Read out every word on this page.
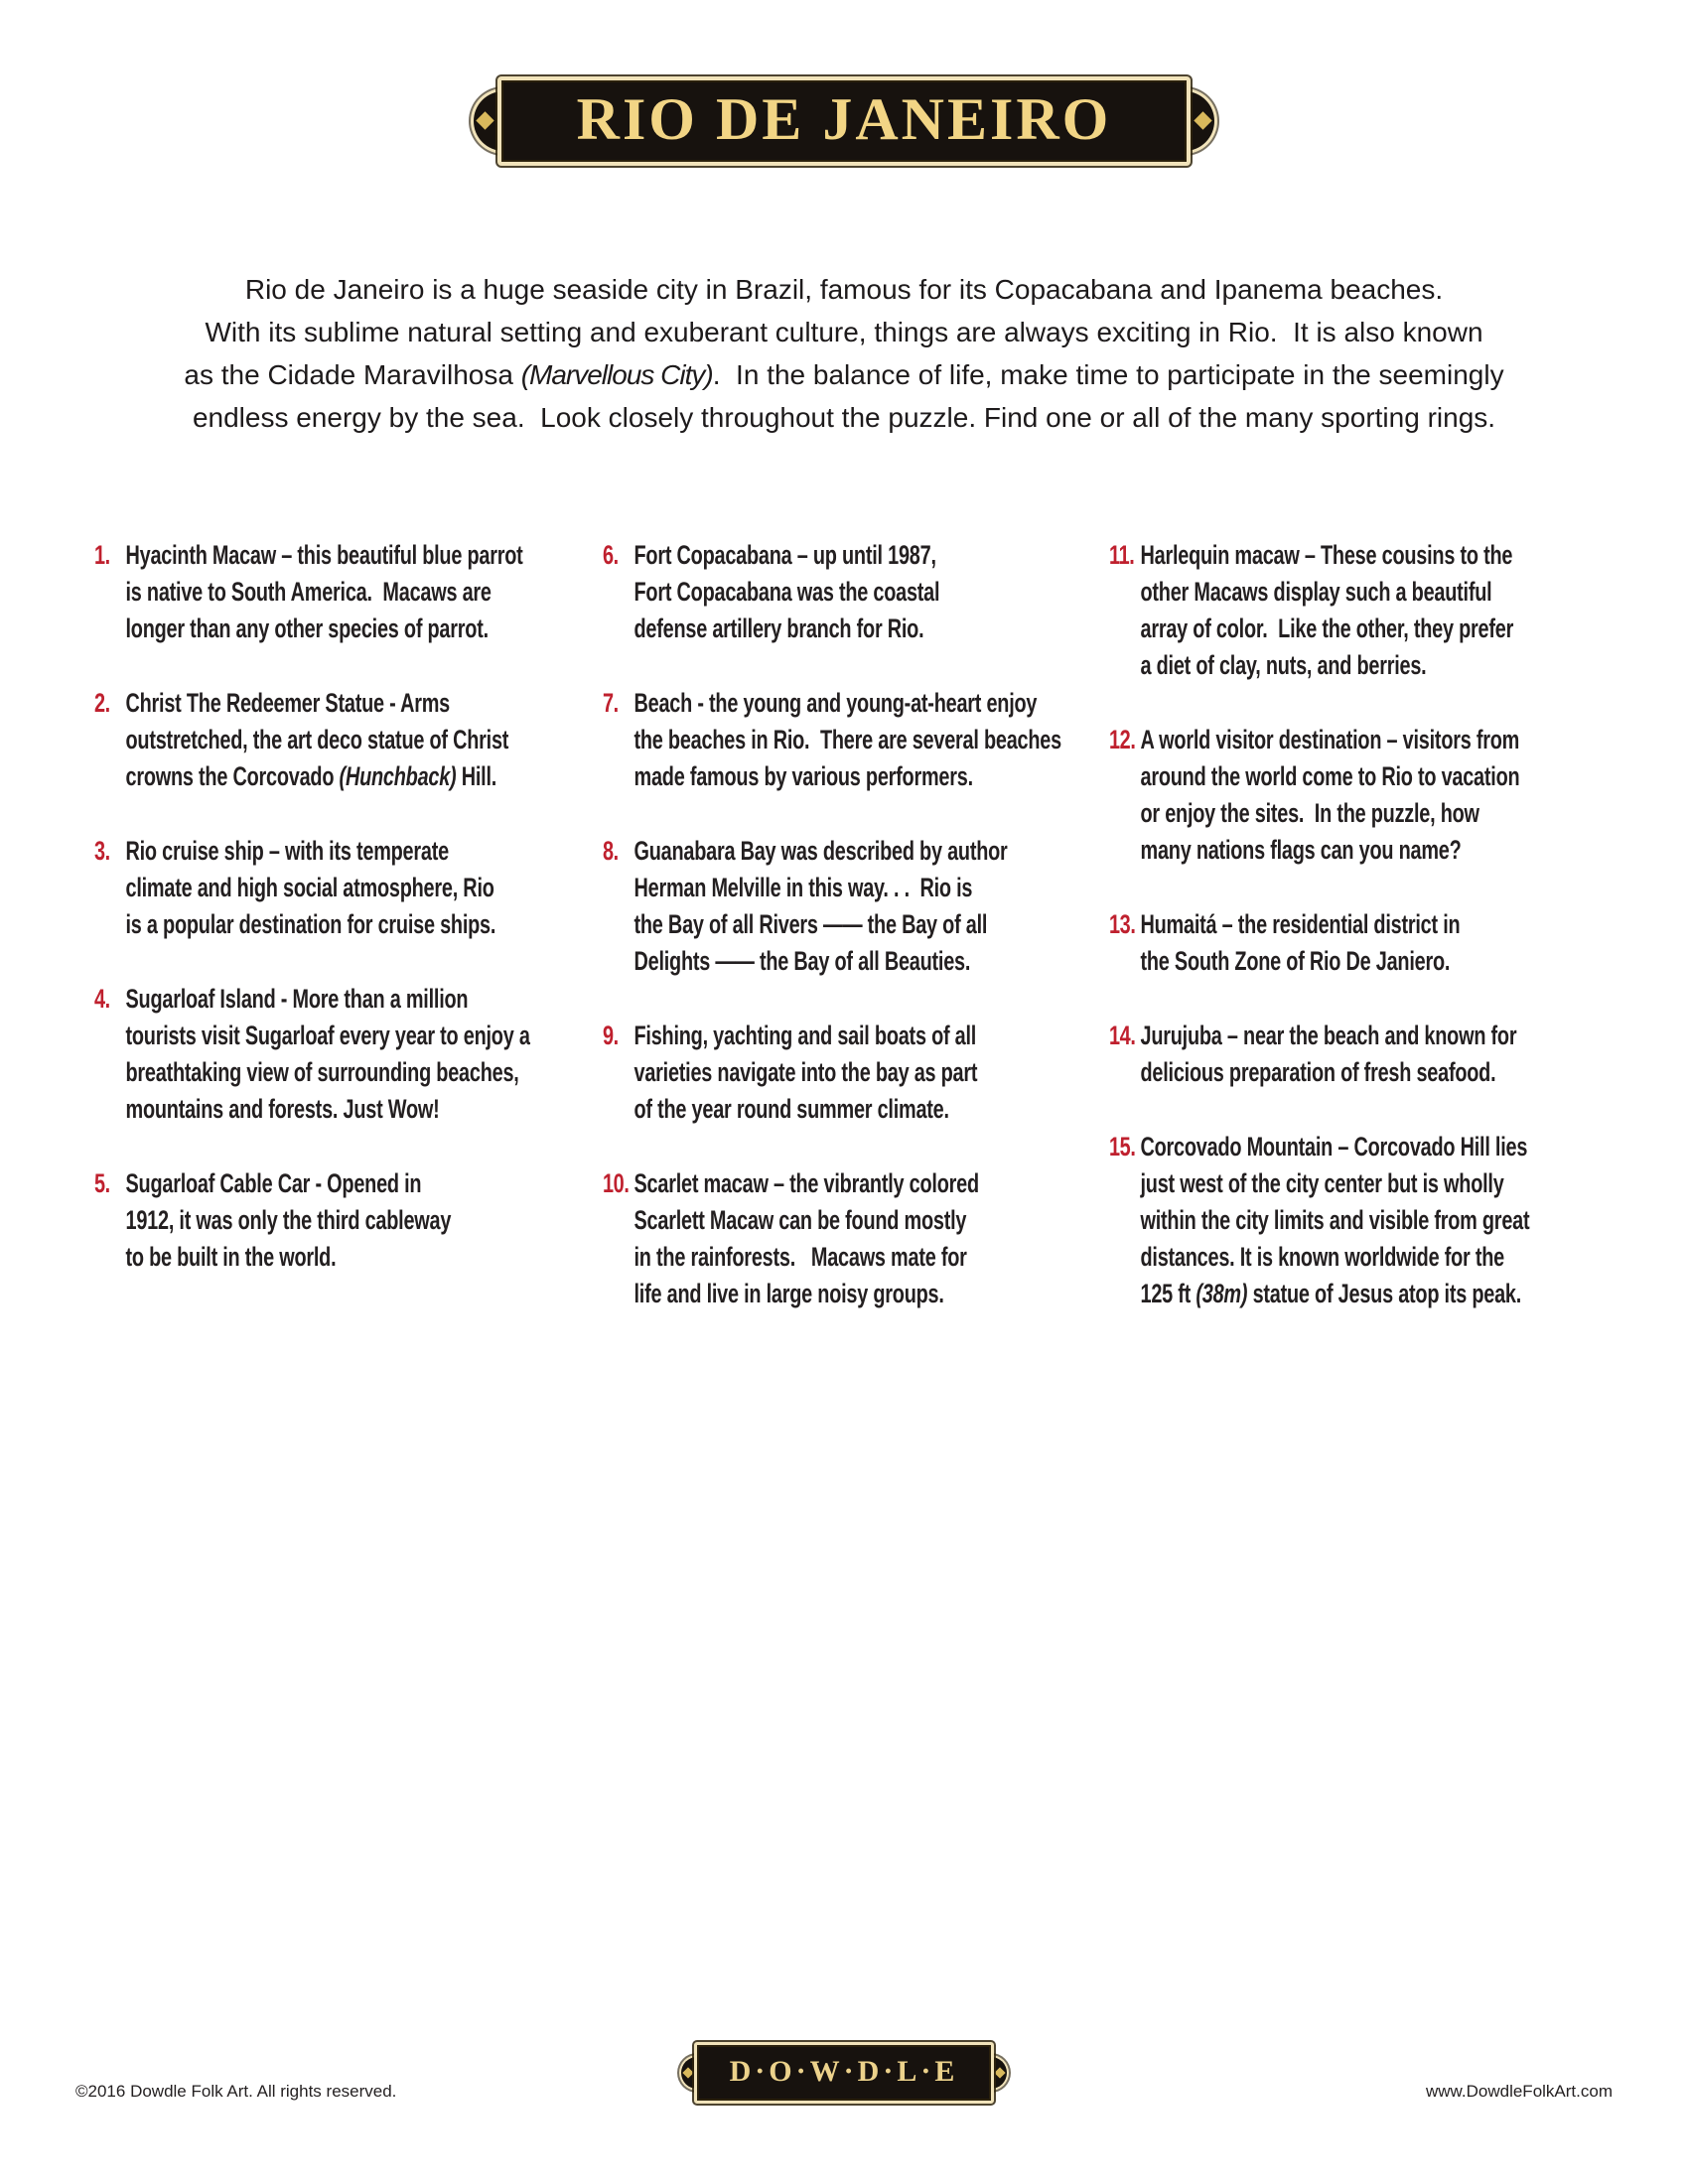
RIO DE JANEIRO
Rio de Janeiro is a huge seaside city in Brazil, famous for its Copacabana and Ipanema beaches.
With its sublime natural setting and exuberant culture, things are always exciting in Rio.  It is also known
as the Cidade Maravilhosa (Marvellous City).  In the balance of life, make time to participate in the seemingly
endless energy by the sea.  Look closely throughout the puzzle. Find one or all of the many sporting rings.
1. Hyacinth Macaw – this beautiful blue parrot
is native to South America.  Macaws are
longer than any other species of parrot.
2. Christ The Redeemer Statue - Arms
outstretched, the art deco statue of Christ
crowns the Corcovado (Hunchback) Hill.
3. Rio cruise ship – with its temperate
climate and high social atmosphere, Rio
is a popular destination for cruise ships.
4. Sugarloaf Island - More than a million
tourists visit Sugarloaf every year to enjoy a
breathtaking view of surrounding beaches,
mountains and forests. Just Wow!
5. Sugarloaf Cable Car - Opened in
1912, it was only the third cableway
to be built in the world.
6. Fort Copacabana – up until 1987,
Fort Copacabana was the coastal
defense artillery branch for Rio.
7. Beach - the young and young-at-heart enjoy
the beaches in Rio.  There are several beaches
made famous by various performers.
8. Guanabara Bay was described by author
Herman Melville in this way. . .  Rio is
the Bay of all Rivers —— the Bay of all
Delights —— the Bay of all Beauties.
9. Fishing, yachting and sail boats of all
varieties navigate into the bay as part
of the year round summer climate.
10. Scarlet macaw – the vibrantly colored
Scarlett Macaw can be found mostly
in the rainforests.   Macaws mate for
life and live in large noisy groups.
11. Harlequin macaw – These cousins to the
other Macaws display such a beautiful
array of color.  Like the other, they prefer
a diet of clay, nuts, and berries.
12. A world visitor destination – visitors from
around the world come to Rio to vacation
or enjoy the sites.  In the puzzle, how
many nations flags can you name?
13. Humaitá – the residential district in
the South Zone of Rio De Janiero.
14. Jurujuba – near the beach and known for
delicious preparation of fresh seafood.
15. Corcovado Mountain – Corcovado Hill lies
just west of the city center but is wholly
within the city limits and visible from great
distances. It is known worldwide for the
125 ft (38m) statue of Jesus atop its peak.
D·O·W·D·L·E
©2016 Dowdle Folk Art. All rights reserved.	www.DowdleFolkArt.com
